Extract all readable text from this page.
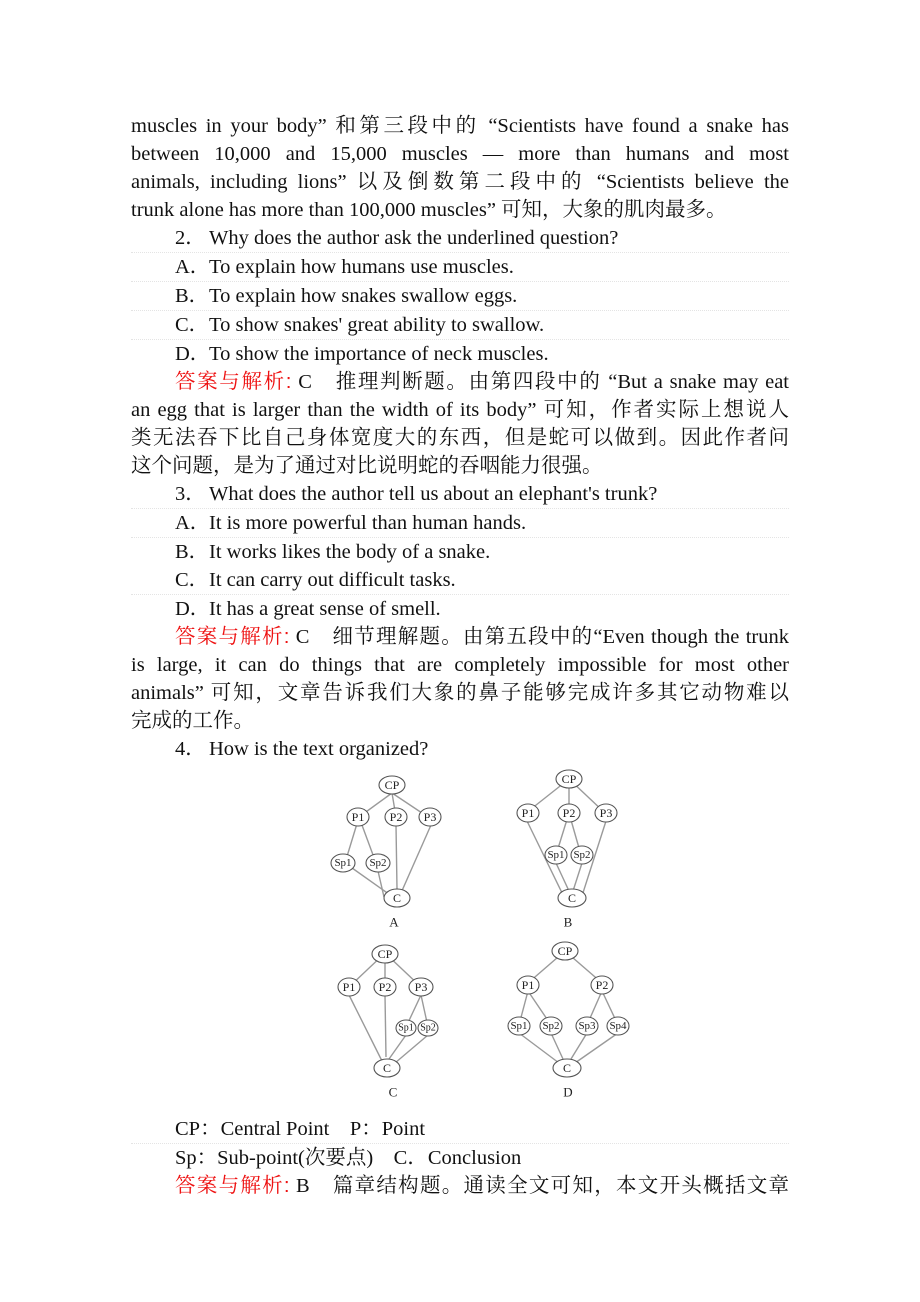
muscles in your body” 和第三段中的 “Scientists have found a snake has
between 10,000 and 15,000 muscles — more than humans and most
animals, including lions” 以及倒数第二段中的 “Scientists believe the
trunk alone has more than 100,000 muscles” 可知，大象的肌肉最多。
2． Why does the author ask the underlined question?
A．To explain how humans use muscles.
B．To explain how snakes swallow eggs.
C．To show snakes' great ability to swallow.
D．To show the importance of neck muscles.
答案与解析: C　 推理判断题。由第四段中的 “But a snake may eat
an egg that is larger than the width of its body” 可知，作者实际上想说人
类无法吞下比自己身体宽度大的东西，但是蛇可以做到。因此作者问
这个问题，是为了通过对比说明蛇的吞咽能力很强。
3． What does the author tell us about an elephant's trunk?
A．It is more powerful than human hands.
B．It works likes the body of a snake.
C．It can carry out difficult tasks.
D．It has a great sense of smell.
答案与解析: C　 细节理解题。由第五段中的“Even though the trunk
is large, it can do things that are completely impossible for most other
animals” 可知，文章告诉我们大象的鼻子能够完成许多其它动物难以
完成的工作。
4． How is the text organized?
CP
P1 P2 P3
Sp1 Sp2
C
A
CP
P1 P2 P3
Sp1 Sp2
C
B
CP
P1 P2 P3
Sp1 Sp2
C
C
CP
P1	P2
Sp1 Sp2 Sp3 Sp4
C
D
CP：Central Point　P：Point
Sp：Sub-point(次要点)　C．Conclusion
答案与解析: B　 篇章结构题。通读全文可知，本文开头概括文章
